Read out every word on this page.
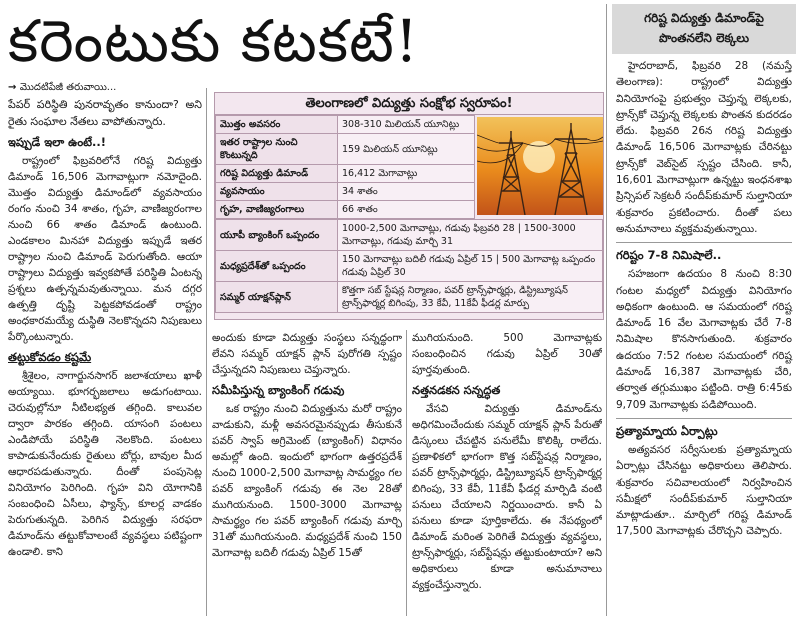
కరెంటుకు కటకటే!
→ మొదటిపేజీ తరువాయి...
పేపర్‌ పరిస్థితి పునరావృతం కానుందా? అని రైతు సంఘాల నేతలు వాపోతున్నారు.
ఇప్పుడే ఇలా ఉంటే..!

రాష్ట్రంలో ఫిబ్రవరిలోనే గరిష్ట విద్యుత్తు డిమాండ్‌ 16,506 మెగావాట్లుగా నమోదైంది. మొత్తం విద్యుత్తు డిమాండ్‌లో వ్యవసాయం రంగం నుంచి 34 శాతం, గృహ, వాణిజ్యరంగాల నుంచి 66 శాతం డిమాండ్‌ ఉంటుంది. ఎండకాలం మినహా విద్యుత్తు ఇప్పుడే ఇతర రాష్ట్రాల నుంచి డిమాండ్‌ పెరుగుతోంది. ఆయా రాష్ట్రాలు విద్యుత్తు ఇవ్వకపోతే పరిస్థితి ఏంటన్న ప్రశ్నలు ఉత్పన్నమవుతున్నాయి. మన దగ్గర ఉత్పత్తి దృష్టి పెట్టకపోవడంతో రాష్ట్రం అంధకారమయ్యే దుస్థితి నెలకొన్నదని నిపుణులు పేర్కొంటున్నారు.

తట్టుకోవడం కష్టమే

శ్రీశైలం, నాగార్జునసాగర్‌ జలాశయాలు ఖాళీ అయ్యాయి. భూగర్భజలాలు అడుగంటాయి. చెరువుల్లోనూ నీటిలభ్యత తగ్గింది. కాలువల ద్వారా పారకం తగ్గింది. యాసంగి పంటలు ఎండిపోయే పరిస్థితి నెలకొంది. పంటలు కాపాడుకునేందుకు రైతులు బోర్లు, బావుల మీద ఆధారపడుతున్నారు. దీంతో పంపుసెట్ల వినియోగం పెరిగింది. గృహ విని యోగానికి సంబంధించి ఏసీలు, ఫ్యాన్స్‌, కూలర్ల వాడకం పెరుగుతున్నది. పెరిగిన విద్యుత్తు సరఫరా డిమాండ్‌ను తట్టుకోవాలంటే వ్యవస్థలు పటిష్టంగా ఉండాలి. కాని

తెలంగాణలో విద్యుత్తు సంక్షోభ స్వరూపం!
మొత్తం అవసరం	308-310 మిలియన్‌ యూనిట్లు
ఇతర రాష్ట్రాల నుంచి కొంటున్నది	159 మిలియన్‌ యూనిట్లు
గరిష్ట విద్యుత్తు డిమాండ్‌	16,412 మెగావాట్లు
వ్యవసాయం	34 శాతం
గృహ, వాణిజ్యరంగాలు	66 శాతం
యూపీ బ్యాంకింగ్‌ ఒప్పందం	1000-2,500 మెగావాట్లు, గడువు ఫిబ్రవరి 28 | 1500-3000 మెగావాట్లు, గడువు మార్చి 31
మధ్యప్రదేశ్‌తో ఒప్పందం	150 మెగావాట్లు బదిలీ గడువు ఏప్రిల్‌ 15 | 500 మెగావాట్ల ఒప్పందం గడువు ఏప్రిల్‌ 30
సమ్మర్‌ యాక్షన్‌ప్లాన్‌	కొత్తగా సబ్‌ స్టేషన్ల నిర్మాణం, పవర్‌ ట్రాన్స్‌ఫార్మర్లు, డిస్ట్రిబ్యూషన్‌ ట్రాన్స్‌ఫార్మర్ల బిగింపు, 33 కేవీ, 11కేవీ ఫీడర్ల మార్పు

అందుకు కూడా విద్యుత్తు సంస్థలు సన్నద్ధంగా లేవని సమ్మర్‌ యాక్షన్‌ ప్లాన్‌ పురోగతి స్పష్టం చేస్తున్నదని నిపుణులు చెప్తున్నారు.

సమీపిస్తున్న బ్యాంకింగ్‌ గడువు

ఒక రాష్ట్రం నుంచి విద్యుత్తును మరో రాష్ట్రం వాడుకుని, మళ్లీ అవసరమైనప్పుడు తీసుకునే పవర్‌ స్వాప్‌ అగ్రిమెంట్‌ (బ్యాంకింగ్‌) విధానం అమల్లో ఉంది. ఇందులో భాగంగా ఉత్తరప్రదేశ్‌ నుంచి 1000-2,500 మెగావాట్ల సామర్థ్యం గల పవర్‌ బ్యాంకింగ్‌ గడువు ఈ నెల 28తో ముగియనుంది. 1500-3000 మెగావాట్ల సామర్థ్యం గల పవర్‌ బ్యాంకింగ్‌ గడువు మార్చి 31తో ముగియనుంది. మధ్యప్రదేశ్‌ నుంచి 150 మెగావాట్ల బదిలీ గడువు ఏప్రిల్‌ 15తో

ముగియనుంది. 500 మెగావాట్లకు సంబంధించిన గడువు ఏప్రిల్‌ 30తో పూర్తవుతుంది.

నత్తనడకన సన్నద్ధత

వేసవి విద్యుత్తు డిమాండ్‌ను అధిగమించేందుకు సమ్మర్‌ యాక్షన్‌ ప్లాన్‌ పేరుతో డిస్కంలు చేపట్టిన పనులేమీ కొలిక్కి రాలేదు. ప్రణాళికలో భాగంగా కొత్త సబ్‌స్టేషన్ల నిర్మాణం, పవర్‌ ట్రాన్స్‌ఫార్మర్లు, డిస్ట్రిబ్యూషన్‌ ట్రాన్స్‌ఫార్మర్ల బిగింపు, 33 కేవీ, 11కేవీ ఫీడర్ల మార్పిడి వంటి పనులు చేయాలని నిర్ణయించారు. కానీ ఏ పనులు కూడా పూర్తికాలేదు. ఈ నేపథ్యంలో డిమాండ్‌ మరింత పెరిగితే విద్యుత్తు వ్యవస్థలు, ట్రాన్స్‌ఫార్మర్లు, సబ్‌స్టేషన్లు తట్టుకుంటాయా? అని అధికారులు కూడా అనుమానాలు వ్యక్తంచేస్తున్నారు.

గరిష్ట విద్యుత్తు డిమాండ్‌పై పొంతనలేని లెక్కలు

హైదరాబాద్‌, ఫిబ్రవరి 28 (నమస్తే తెలంగాణ): రాష్ట్రంలో విద్యుత్తు వినియోగంపై ప్రభుత్వం చెప్తున్న లెక్కలకు, ట్రాన్స్‌కో చెప్తున్న లెక్కలకు పొంతన కుదరడం లేదు. ఫిబ్రవరి 26న గరిష్ట విద్యుత్తు డిమాండ్‌ 16,506 మెగావాట్లకు చేరినట్టు ట్రాన్స్‌కో వెబ్‌సైట్‌ స్పష్టం చేసింది. కానీ, 16,601 మెగావాట్లుగా ఉన్నట్టు ఇంధనశాఖ ప్రిన్సిపల్‌ సెక్రటరీ సందీప్‌కుమార్‌ సుల్తానియా శుక్రవారం ప్రకటించారు. దీంతో పలు అనుమానాలు వ్యక్తమవుతున్నాయి.

గరిష్టం 7-8 నిమిషాలే..

సహజంగా ఉదయం 8 నుంచి 8:30 గంటల మధ్యలో విద్యుత్తు వినియోగం అధికంగా ఉంటుంది. ఆ సమయంలో గరిష్ట డిమాండ్‌ 16 వేల మెగావాట్లకు చేరే 7-8 నిమిషాల కొనసాగుతుంది. శుక్రవారం ఉదయం 7:52 గంటల సమయంలో గరిష్ట డిమాండ్‌ 16,387 మెగావాట్లకు చేరి, తర్వాత తగ్గుముఖం పట్టింది. రాత్రి 6:45కు 9,709 మెగావాట్లకు పడిపోయింది.

ప్రత్యామ్నాయ ఏర్పాట్లు

అత్యవసర సర్వీసులకు ప్రత్యామ్నాయ ఏర్పాట్లు చేసినట్టు అధికారులు తెలిపారు. శుక్రవారం సచివాలయంలో నిర్వహించిన సమీక్షలో సందీప్‌కుమార్‌ సుల్తానియా మాట్లాడుతూ.. మార్చిలో గరిష్ట డిమాండ్‌ 17,500 మెగావాట్లకు చేరొచ్చని చెప్పారు.
